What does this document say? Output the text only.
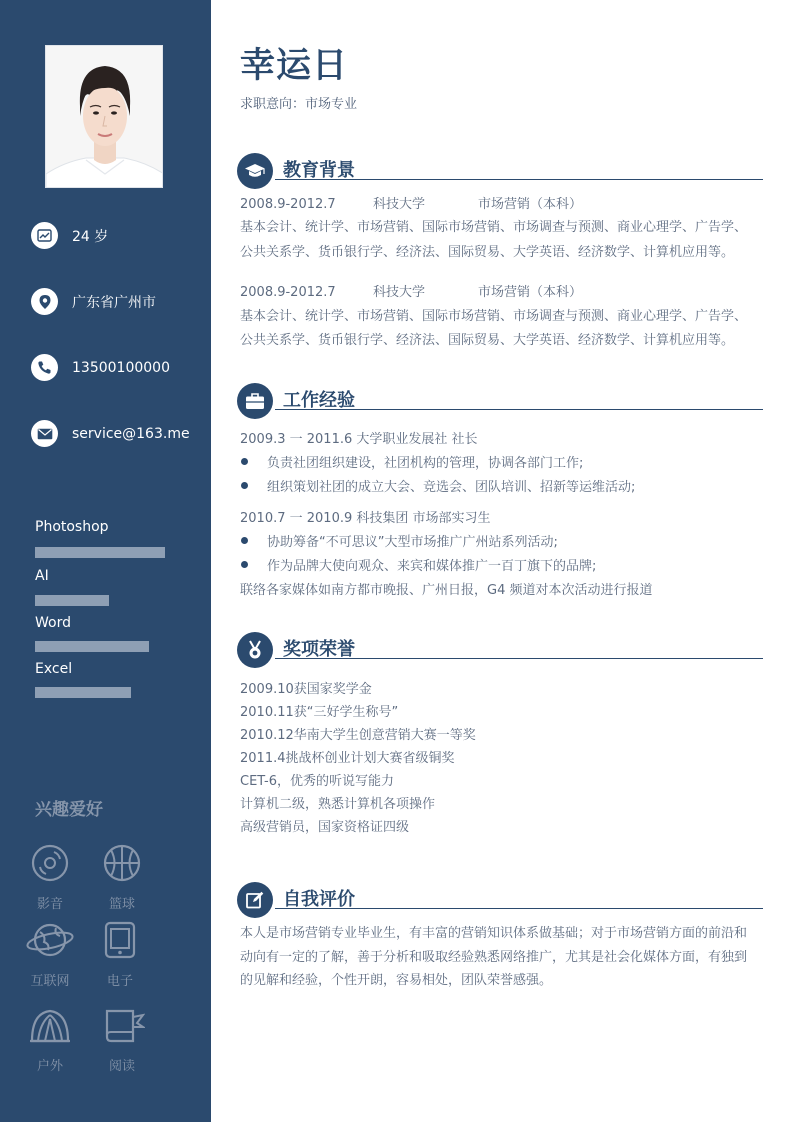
24 岁
广东省广州市
13500100000
service@163.me
Photoshop
AI
Word
Excel
兴趣爱好
影音	篮球
互联网	电子
户外	阅读
幸运日
求职意向：市场专业
教育背景
2008.9-2012.7	科技大学	市场营销（本科）
基本会计、统计学、市场营销、国际市场营销、市场调查与预测、商业心理学、广告学、
公共关系学、货币银行学、经济法、国际贸易、大学英语、经济数学、计算机应用等。
2008.9-2012.7	科技大学	市场营销（本科）
基本会计、统计学、市场营销、国际市场营销、市场调查与预测、商业心理学、广告学、
公共关系学、货币银行学、经济法、国际贸易、大学英语、经济数学、计算机应用等。
工作经验
2009.3 一 2011.6 大学职业发展社 社长
负责社团组织建设，社团机构的管理，协调各部门工作;
组织策划社团的成立大会、竞选会、团队培训、招新等运维活动;
2010.7 一 2010.9 科技集团 市场部实习生
协助筹备“不可思议”大型市场推广广州站系列活动;
作为品牌大使向观众、来宾和媒体推广一百丁旗下的品牌;
联络各家媒体如南方都市晚报、广州日报，G4 频道对本次活动进行报道
奖项荣誉
2009.10获国家奖学金
2010.11获“三好学生称号”
2010.12华南大学生创意营销大赛一等奖
2011.4挑战杯创业计划大赛省级铜奖
CET-6，优秀的听说写能力
计算机二级，熟悉计算机各项操作
高级营销员，国家资格证四级
自我评价
本人是市场营销专业毕业生，有丰富的营销知识体系做基础；对于市场营销方面的前沿和
动向有一定的了解，善于分析和吸取经验熟悉网络推广，尤其是社会化媒体方面，有独到
的见解和经验，个性开朗，容易相处，团队荣誉感强。
